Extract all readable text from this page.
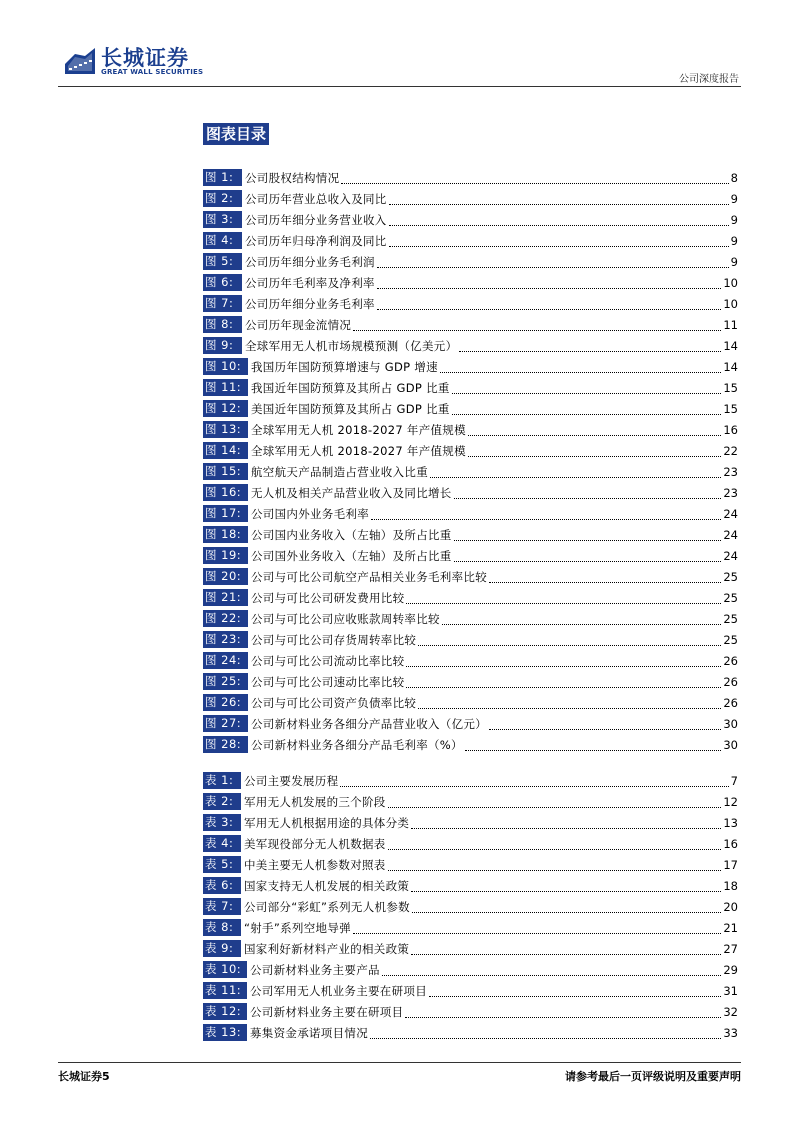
长城证券
GREAT WALL SECURITIES
公司深度报告
图表目录
图 1:	公司股权结构情况	8
图 2:	公司历年营业总收入及同比	9
图 3:	公司历年细分业务营业收入	9
图 4:	公司历年归母净利润及同比	9
图 5:	公司历年细分业务毛利润	9
图 6:	公司历年毛利率及净利率	10
图 7:	公司历年细分业务毛利率	10
图 8:	公司历年现金流情况	11
图 9:	全球军用无人机市场规模预测（亿美元）	14
图 10: 我国历年国防预算增速与 GDP 增速	14
图 11: 我国近年国防预算及其所占 GDP 比重	15
图 12: 美国近年国防预算及其所占 GDP 比重	15
图 13: 全球军用无人机 2018-2027 年产值规模	16
图 14: 全球军用无人机 2018-2027 年产值规模	22
图 15: 航空航天产品制造占营业收入比重	23
图 16: 无人机及相关产品营业收入及同比增长	23
图 17: 公司国内外业务毛利率	24
图 18: 公司国内业务收入（左轴）及所占比重	24
图 19: 公司国外业务收入（左轴）及所占比重	24
图 20: 公司与可比公司航空产品相关业务毛利率比较	25
图 21: 公司与可比公司研发费用比较	25
图 22: 公司与可比公司应收账款周转率比较	25
图 23: 公司与可比公司存货周转率比较	25
图 24: 公司与可比公司流动比率比较	26
图 25: 公司与可比公司速动比率比较	26
图 26: 公司与可比公司资产负债率比较	26
图 27: 公司新材料业务各细分产品营业收入（亿元）	30
图 28: 公司新材料业务各细分产品毛利率（%）	30
表 1: 公司主要发展历程	7
表 2: 军用无人机发展的三个阶段	12
表 3: 军用无人机根据用途的具体分类	13
表 4: 美军现役部分无人机数据表	16
表 5: 中美主要无人机参数对照表	17
表 6: 国家支持无人机发展的相关政策	18
表 7: 公司部分“彩虹”系列无人机参数	20
表 8: “射手”系列空地导弹	21
表 9: 国家利好新材料产业的相关政策	27
表 10: 公司新材料业务主要产品	29
表 11: 公司军用无人机业务主要在研项目	31
表 12: 公司新材料业务主要在研项目	32
表 13: 募集资金承诺项目情况	33
长城证券5	请参考最后一页评级说明及重要声明
